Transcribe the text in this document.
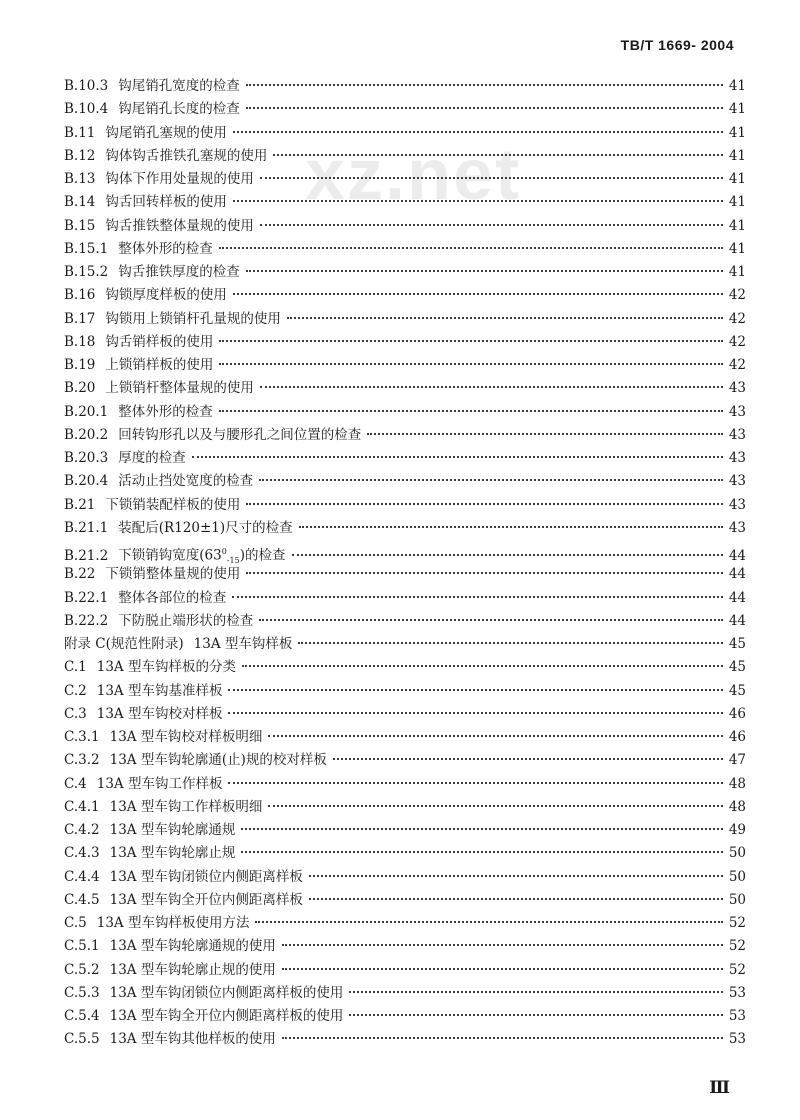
TB/T 1669- 2004
xz.net
B.10.3 钩尾销孔宽度的检查	41
B.10.4 钩尾销孔长度的检查	41
B.11 钩尾销孔塞规的使用	41
B.12 钩体钩舌推铁孔塞规的使用	41
B.13 钩体下作用处量规的使用	41
B.14 钩舌回转样板的使用	41
B.15 钩舌推铁整体量规的使用	41
B.15.1 整体外形的检查	41
B.15.2 钩舌推铁厚度的检查	41
B.16 钩锁厚度样板的使用	42
B.17 钩锁用上锁销杆孔量规的使用	42
B.18 钩舌销样板的使用	42
B.19 上锁销样板的使用	42
B.20 上锁销杆整体量规的使用	43
B.20.1 整体外形的检查	43
B.20.2 回转钩形孔以及与腰形孔之间位置的检查	43
B.20.3 厚度的检查	43
B.20.4 活动止挡处宽度的检查	43
B.21 下锁销装配样板的使用	43
B.21.1 装配后(R120±1)尺寸的检查	43
B.21.2 下锁销钩宽度$(63^0_{-15})$的检查	44
B.22 下锁销整体量规的使用	44
B.22.1 整体各部位的检查	44
B.22.2 下防脱止端形状的检查	44
附录 C(规范性附录) 13A 型车钩样板	45
C.1 13A 型车钩样板的分类	45
C.2 13A 型车钩基准样板	45
C.3 13A 型车钩校对样板	46
C.3.1 13A 型车钩校对样板明细	46
C.3.2 13A 型车钩轮廓通(止)规的校对样板	47
C.4 13A 型车钩工作样板	48
C.4.1 13A 型车钩工作样板明细	48
C.4.2 13A 型车钩轮廓通规	49
C.4.3 13A 型车钩轮廓止规	50
C.4.4 13A 型车钩闭锁位内侧距离样板	50
C.4.5 13A 型车钩全开位内侧距离样板	50
C.5 13A 型车钩样板使用方法	52
C.5.1 13A 型车钩轮廓通规的使用	52
C.5.2 13A 型车钩轮廓止规的使用	52
C.5.3 13A 型车钩闭锁位内侧距离样板的使用	53
C.5.4 13A 型车钩全开位内侧距离样板的使用	53
C.5.5 13A 型车钩其他样板的使用	53
Ⅲ
